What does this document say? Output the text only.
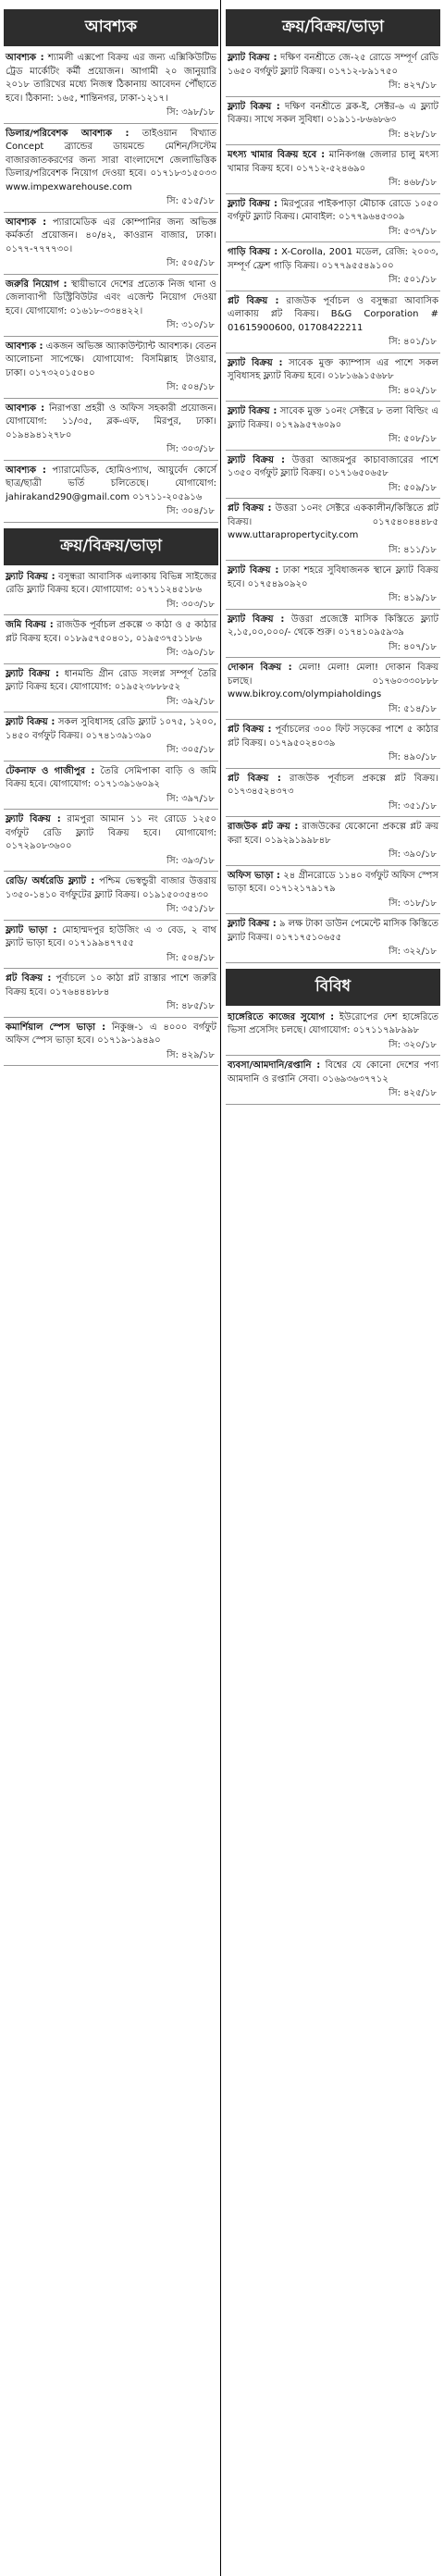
আবশ্যক

আবশ্যক : শ্যামলী এক্সপো বিক্রয় এর জন্য এক্সিকিউটিভ ট্রেড মার্কেটিং কর্মী প্রয়োজন। আগামী ২০ জানুয়ারি ২০১৮ তারিখের মধ্যে নিজস্ব ঠিকানায় আবেদন পৌঁছাতে হবে। ঠিকানা: ১৬৫, শান্তিনগর, ঢাকা-১২১৭।

সি: ৩৯৮/১৮

ডিলার/পরিবেশক আবশ্যক : তাইওয়ান বিখ্যাত Concept ব্র্যান্ডের ডায়মন্ডে মেশিন/সিস্টেম বাজারজাতকরণের জন্য সারা বাংলাদেশে জেলাভিত্তিক ডিলার/পরিবেশক নিয়োগ দেওয়া হবে। ০১৭১৮৩১৫০৩৩ www.impexwarehouse.com

সি: ৫১৫/১৮

আবশ্যক : প্যারামেডিক এর কোম্পানির জন্য অভিজ্ঞ কর্মকর্তা প্রয়োজন। ৪০/৪২, কাওরান বাজার, ঢাকা। ০১৭৭-৭৭৭৭৩০।

সি: ৫০৫/১৮

জরুরি নিয়োগ : স্থায়ীভাবে দেশের প্রত্যেক নিজ থানা ও জেলাব্যাপী ডিস্ট্রিবিউটর এবং এজেন্ট নিয়োগ দেওয়া হবে। যোগাযোগ: ০১৬১৮-৩৩৪৪২২।

সি: ৩১০/১৮

আবশ্যক : একজন অভিজ্ঞ অ্যাকাউন্ট্যান্ট আবশ্যক। বেতন আলোচনা সাপেক্ষে। যোগাযোগ: বিসমিল্লাহ টাওয়ার, ঢাকা। ০১৭৩২০১৫০৪০

সি: ৫০৪/১৮

আবশ্যক : নিরাপত্তা প্রহরী ও অফিস সহকারী প্রয়োজন। যোগাযোগ: ১১/৩৫, ব্লক-এফ, মিরপুর, ঢাকা। ০১৯৪৯৪১২৭৮০

সি: ৩০৩/১৮

আবশ্যক : প্যারামেডিক, হোমিওপ্যাথ, আয়ুর্বেদ কোর্সে ছাত্র/ছাত্রী ভর্তি চলিতেছে। যোগাযোগ: jahirakand290@gmail.com ০১৭১১-২০৫৯১৬

সি: ৩০৪/১৮
ক্রয়/বিক্রয়/ভাড়া

ফ্ল্যাট বিক্রয় : বসুন্ধরা আবাসিক এলাকায় বিভিন্ন সাইজের রেডি ফ্ল্যাট বিক্রয় হবে। যোগাযোগ: ০১৭১১২৪৫১৮৬

সি: ৩০৩/১৮

জমি বিক্রয় : রাজউক পূর্বাচল প্রকল্পে ৩ কাঠা ও ৫ কাঠার প্লট বিক্রয় হবে। ০১৮৯৫৭৫০৪০১, ০১৯৫৩৭৫১১৮৬

সি: ৩৯০/১৮

ফ্ল্যাট বিক্রয় : ধানমন্ডি গ্রীন রোড সংলগ্ন সম্পূর্ণ তৈরি ফ্ল্যাট বিক্রয় হবে। যোগাযোগ: ০১৯৫২৩৮৮৮৫২

সি: ৩৯২/১৮

ফ্ল্যাট বিক্রয় : সকল সুবিধাসহ রেডি ফ্ল্যাট ১০৭৫, ১২০০, ১৪৫০ বর্গফুট বিক্রয়। ০১৭৪১৩৯১৩৯০

সি: ৩০৫/১৮

টেকনাফ ও গাজীপুর : তৈরি সেমিপাকা বাড়ি ও জমি বিক্রয় হবে। যোগাযোগ: ০১৭১৩৯১৬০৯২

সি: ৩৯৭/১৮

ফ্ল্যাট বিক্রয় : রামপুরা আমান ১১ নং রোডে ১২৫০ বর্গফুট রেডি ফ্ল্যাট বিক্রয় হবে। যোগাযোগ: ০১৭২৯০৮৩৬০০

সি: ৩৯৩/১৮

রেডি/ অর্ধরেডি ফ্ল্যাট : পশ্চিম ভেস্বন্ডুরী বাজার উত্তরায় ১৩৫০-১৪১০ বর্গফুটের ফ্ল্যাট বিক্রয়। ০১৯১৫০৩৫৪৩০

সি: ৩৫১/১৮

ফ্ল্যাট ভাড়া : মোহাম্মদপুর হাউজিং এ ৩ বেড, ২ বাথ ফ্ল্যাট ভাড়া হবে। ০১৭১৯৯৪৭৭৫৫

সি: ৫০৪/১৮

প্লট বিক্রয় : পূর্বাচলে ১০ কাঠা প্লট রাস্তার পাশে জরুরি বিক্রয় হবে। ০১৭৬৪৪৪৮৮৪

সি: ৪৮৫/১৮

কমার্শিয়াল স্পেস ভাড়া : নিকুঞ্জ-১ এ ৪০০০ বর্গফুট অফিস স্পেস ভাড়া হবে। ০১৭১৯-১৯৪৯০

সি: ৪২৯/১৮
ক্রয়/বিক্রয়/ভাড়া

ফ্ল্যাট বিক্রয় : দক্ষিণ বনশ্রীতে জে-২৫ রোডে সম্পূর্ণ রেডি ১৬৫০ বর্গফুট ফ্ল্যাট বিক্রয়। ০১৭১২-৮৯১৭৫০

সি: ৪২৭/১৮

ফ্ল্যাট বিক্রয় : দক্ষিণ বনশ্রীতে ব্লক-ই, সেক্টর-৬ এ ফ্ল্যাট বিক্রয়। সাথে সকল সুবিধা। ০১৯১১-৮৬৬৮৬৩

সি: ৪২৮/১৮

মৎস্য খামার বিক্রয় হবে : মানিকগঞ্জ জেলার চালু মৎস্য খামার বিক্রয় হবে। ০১৭১২-৫২৪৬৯০

সি: ৪৬৮/১৮

ফ্ল্যাট বিক্রয় : মিরপুরের পাইকপাড়া মৌচাক রোডে ১০৫০ বর্গফুট ফ্ল্যাট বিক্রয়। মোবাইল: ০১৭৭৯৬৪৫৩০৯

সি: ৫৩৭/১৮

গাড়ি বিক্রয় : X-Corolla, 2001 মডেল, রেজি: ২০০৩, সম্পূর্ণ ফ্রেশ গাড়ি বিক্রয়। ০১৭৭৯৫৫৪৯১০০

সি: ৫০১/১৮

প্লট বিক্রয় : রাজউক পূর্বাচল ও বসুন্ধরা আবাসিক এলাকায় প্লট বিক্রয়। B&G Corporation # 01615900600, 01708422211

সি: ৪০১/১৮

ফ্ল্যাট বিক্রয় : সাবেক মুক্ত ক্যাম্পাস এর পাশে সকল সুবিধাসহ ফ্ল্যাট বিক্রয় হবে। ০১৮১৬৯১৫৬৮৮

সি: ৪০২/১৮

ফ্ল্যাট বিক্রয় : সাবেক মুক্ত ১০নং সেক্টরে ৮ তলা বিল্ডিং এ ফ্ল্যাট বিক্রয়। ০১৭৯৯৫৭৬০৯০

সি: ৫০৮/১৮

ফ্ল্যাট বিক্রয় : উত্তরা আজমপুর কাচাবাজারের পাশে ১৩৫০ বর্গফুট ফ্ল্যাট বিক্রয়। ০১৭১৬৫০৬৫৮

সি: ৫০৯/১৮

প্লট বিক্রয় : উত্তরা ১০নং সেক্টরে এককালীন/কিস্তিতে প্লট বিক্রয়। ০১৭৫৪০৪৪৪৮৫ www.uttarapropertycity.com

সি: ৪১১/১৮

ফ্ল্যাট বিক্রয় : ঢাকা শহরে সুবিধাজনক স্থানে ফ্ল্যাট বিক্রয় হবে। ০১৭৫৪৯০৯২০

সি: ৪১৯/১৮

ফ্ল্যাট বিক্রয় : উত্তরা প্রজেক্টে মাসিক কিস্তিতে ফ্ল্যাট ২,১৫,০০,০০০/- থেকে শুরু। ০১৭৪১০৯৫৯৩৯

সি: ৪০৭/১৮

দোকান বিক্রয় : মেলা! মেলা! মেলা! দোকান বিক্রয় চলছে। ০১৭৬০৩৩০৮৮৮ www.bikroy.com/olympiaholdings

সি: ৫১৪/১৮

প্লট বিক্রয় : পূর্বাচলের ৩০০ ফিট সড়কের পাশে ৫ কাঠার প্লট বিক্রয়। ০১৭৯৫০২৪০৩৯

সি: ৪৯০/১৮

প্লট বিক্রয় : রাজউক পূর্বাচল প্রকল্পে প্লট বিক্রয়। ০১৭৩৪৫২৪৩৭৩

সি: ৩৫১/১৮

রাজউক প্লট ক্রয় : রাজউকের যেকোনো প্রকল্পে প্লট ক্রয় করা হবে। ০১৯২৯১৯৯৮৪৮

সি: ৩৯০/১৮

অফিস ভাড়া : ২৪ গ্রীনরোডে ১১৪০ বর্গফুট অফিস স্পেস ভাড়া হবে। ০১৭১২১৭৯১৭৯

সি: ৩১৮/১৮

ফ্ল্যাট বিক্রয় : ৯ লক্ষ টাকা ডাউন পেমেন্টে মাসিক কিস্তিতে ফ্ল্যাট বিক্রয়। ০১৭১৭৫১০৬৫৫

সি: ৩২২/১৮
বিবিধ

হাঙ্গেরিতে কাজের সুযোগ : ইউরোপের দেশ হাঙ্গেরিতে ভিসা প্রসেসিং চলছে। যোগাযোগ: ০১৭১১৭৯৮৯৯৮

সি: ৩২০/১৮

ব্যবসা/আমদানি/রপ্তানি : বিশ্বের যে কোনো দেশের পণ্য আমদানি ও রপ্তানি সেবা। ০১৬৯৩৬৩৭৭১২

সি: ৪২৫/১৮
